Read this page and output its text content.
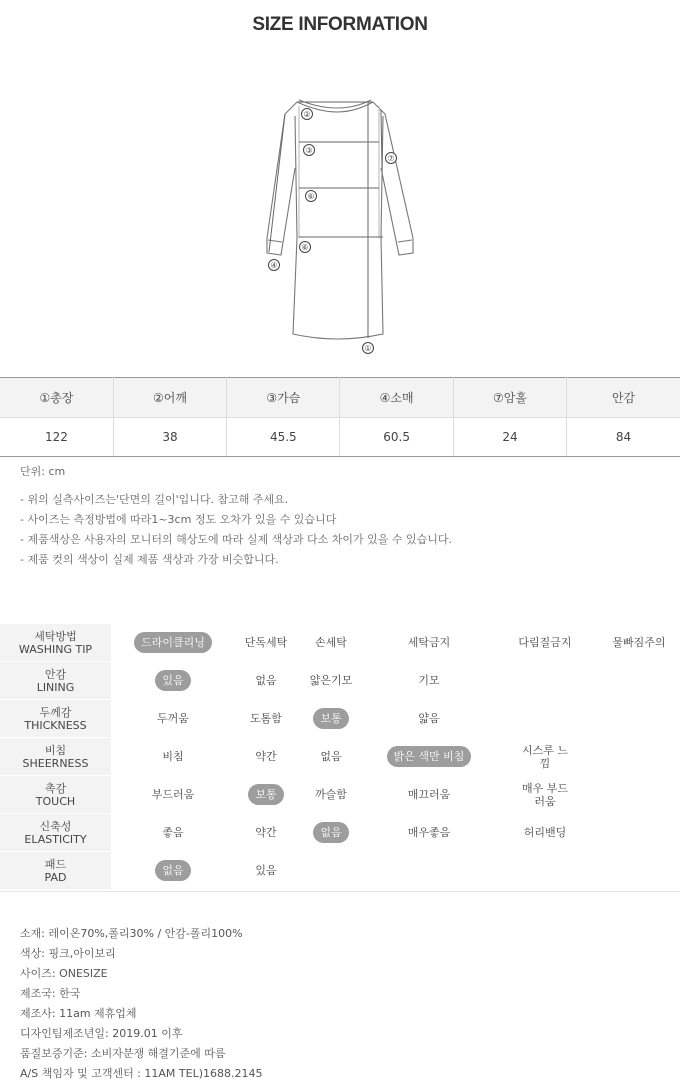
SIZE INFORMATION
②
③
⑦
⑥
⑥
④
①
①총장	②어깨	③가슴	④소매	⑦암홀	안감
122	38	45.5	60.5	24	84
단위: cm
- 위의 실측사이즈는'단면의 길이'입니다. 참고해 주세요.
- 사이즈는 측정방법에 따라1~3cm 정도 오차가 있을 수 있습니다
- 제품색상은 사용자의 모니터의 해상도에 따라 실제 색상과 다소 차이가 있을 수 있습니다.
- 제품 컷의 색상이 실제 제품 색상과 가장 비슷합니다.
세탁방법
WASHING TIP	드라이클리닝	단독세탁	손세탁	세탁금지	다림질금지	물빠짐주의
안감
LINING	있음	없음	얇은기모	기모
두께감
THICKNESS	두꺼움	도톰함	보통	얇음
비침
SHEERNESS	비침	약간	없음	밝은 색만 비침	시스루 느낌
촉감
TOUCH	부드러움	보통	까슬함	매끄러움	매우 부드러움
신축성
ELASTICITY	좋음	약간	없음	매우좋음	허리밴딩
패드
PAD	없음	있음
소재: 레이온70%,폴리30% / 안감-폴리100%
색상: 핑크,아이보리
사이즈: ONESIZE
제조국: 한국
제조사: 11am 제휴업체
디자인팀제조년일: 2019.01 이후
품질보증기준: 소비자분쟁 해결기준에 따름
A/S 책임자 및 고객센터 : 11AM TEL)1688.2145
